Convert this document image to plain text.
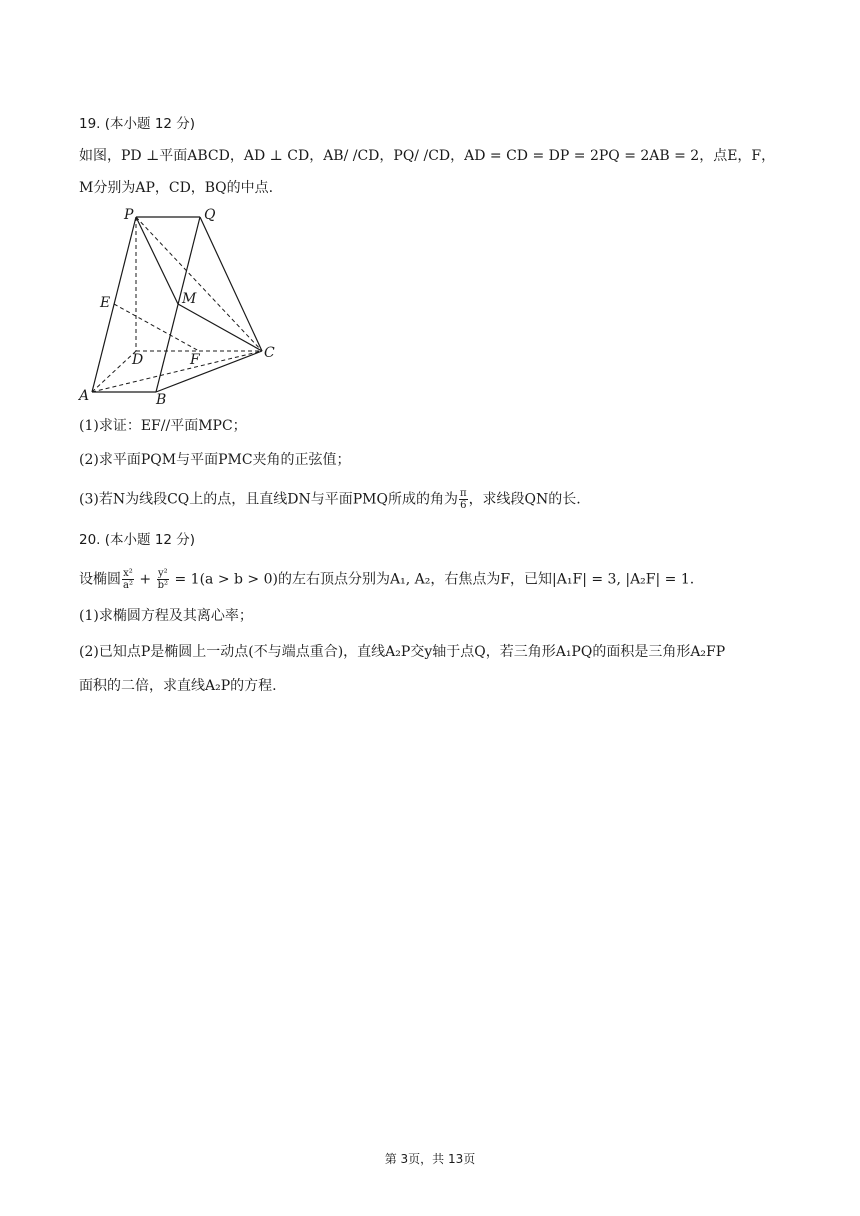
19. (本小题 12 分)
如图，PD ⊥平面ABCD，AD ⊥ CD，AB/ /CD，PQ/ /CD，AD = CD = DP = 2PQ = 2AB = 2，点E，F，
M分别为AP，CD，BQ的中点.
P	Q
E	M
D	F	C
A	B
(1)求证：EF//平面MPC；
(2)求平面PQM与平面PMC夹角的正弦值；
(3)若N为线段CQ上的点，且直线DN与平面PMQ所成的角为 $\frac{\pi}{6}$ ，求线段QN的长.
20. (本小题 12 分)
设椭圆 $\frac{\text{x²}}{\text{a²}} + \frac{\text{y²}}{\text{b²}} = 1(a > b > 0)$的左右顶点分别为A₁, A₂，右焦点为F，已知|A₁F| = 3, |A₂F| = 1.
(1)求椭圆方程及其离心率；
(2)已知点P是椭圆上一动点(不与端点重合)，直线A₂P交y轴于点Q，若三角形A₁PQ的面积是三角形A₂FP
面积的二倍，求直线A₂P的方程.
第 3页，共 13页
